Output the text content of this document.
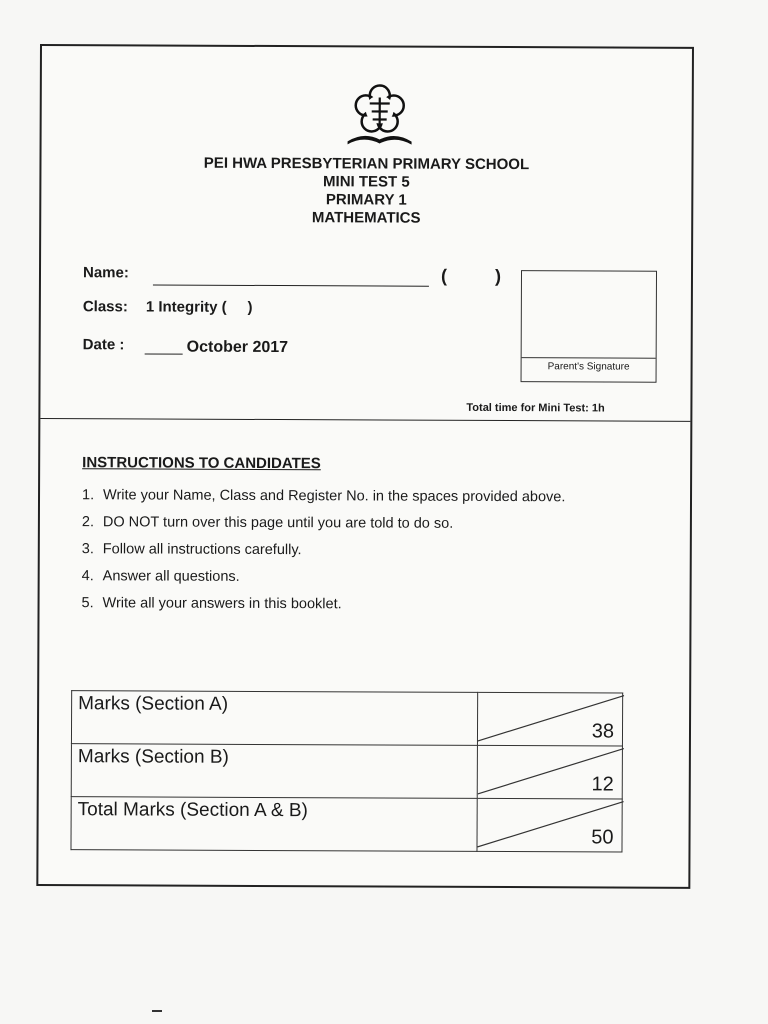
PEI HWA PRESBYTERIAN PRIMARY SCHOOL
MINI TEST 5
PRIMARY 1
MATHEMATICS
Name:	(	)
Class: 1 Integrity (     )
Date :	October 2017
Parent's Signature
Total time for Mini Test: 1h
INSTRUCTIONS TO CANDIDATES
1. Write your Name, Class and Register No. in the spaces provided above.
2. DO NOT turn over this page until you are told to do so.
3. Follow all instructions carefully.
4. Answer all questions.
5. Write all your answers in this booklet.
Marks (Section A)	38

Marks (Section B)	12

Total Marks (Section A & B)	50
